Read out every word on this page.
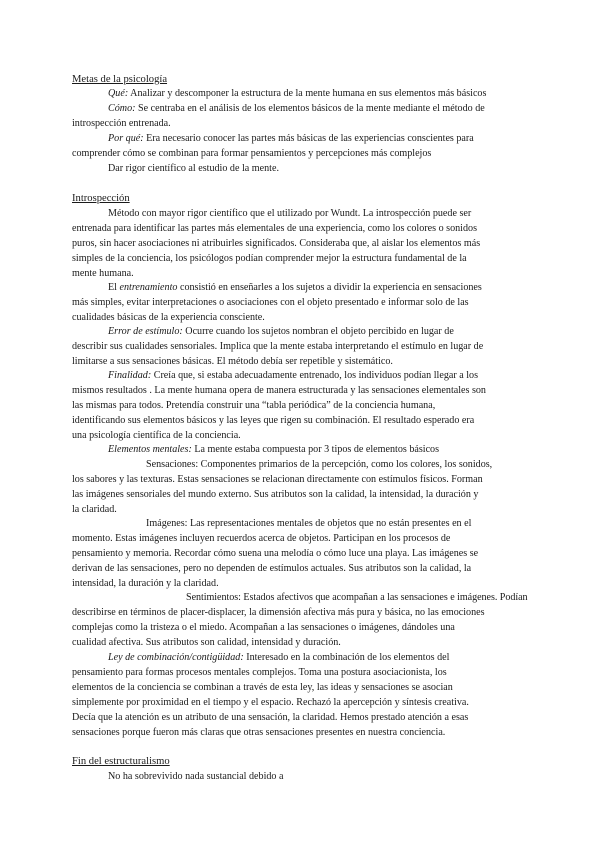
Metas de la psicología
Qué: Analizar y descomponer la estructura de la mente humana en sus elementos más básicos
Cómo: Se centraba en el análisis de los elementos básicos de la mente mediante el método de
introspección entrenada.
Por qué: Era necesario conocer las partes más básicas de las experiencias conscientes para
comprender cómo se combinan para formar pensamientos y percepciones más complejos
Dar rigor científico al estudio de la mente.
Introspección
Método con mayor rigor científico que el utilizado por Wundt. La introspección puede ser
entrenada para identificar las partes más elementales de una experiencia, como los colores o sonidos
puros, sin hacer asociaciones ni atribuirles significados. Consideraba que, al aislar los elementos más
simples de la conciencia, los psicólogos podían comprender mejor la estructura fundamental de la
mente humana.
El entrenamiento consistió en enseñarles a los sujetos a dividir la experiencia en sensaciones
más simples, evitar interpretaciones o asociaciones con el objeto presentado e informar solo de las
cualidades básicas de la experiencia consciente.
Error de estímulo: Ocurre cuando los sujetos nombran el objeto percibido en lugar de
describir sus cualidades sensoriales. Implica que la mente estaba interpretando el estímulo en lugar de
limitarse a sus sensaciones básicas. El método debía ser repetible y sistemático.
Finalidad: Creía que, si estaba adecuadamente entrenado, los individuos podían llegar a los
mismos resultados . La mente humana opera de manera estructurada y las sensaciones elementales son
las mismas para todos. Pretendía construir una “tabla periódica” de la conciencia humana,
identificando sus elementos básicos y las leyes que rigen su combinación. El resultado esperado era
una psicología científica de la conciencia.
Elementos mentales: La mente estaba compuesta por 3 tipos de elementos básicos
Sensaciones: Componentes primarios de la percepción, como los colores, los sonidos,
los sabores y las texturas. Estas sensaciones se relacionan directamente con estímulos físicos. Forman
las imágenes sensoriales del mundo externo. Sus atributos son la calidad, la intensidad, la duración y
la claridad.
Imágenes: Las representaciones mentales de objetos que no están presentes en el
momento. Estas imágenes incluyen recuerdos acerca de objetos. Participan en los procesos de
pensamiento y memoria. Recordar cómo suena una melodía o cómo luce una playa. Las imágenes se
derivan de las sensaciones, pero no dependen de estímulos actuales. Sus atributos son la calidad, la
intensidad, la duración y la claridad.
Sentimientos: Estados afectivos que acompañan a las sensaciones e imágenes. Podían
describirse en términos de placer-displacer, la dimensión afectiva más pura y básica, no las emociones
complejas como la tristeza o el miedo. Acompañan a las sensaciones o imágenes, dándoles una
cualidad afectiva. Sus atributos son calidad, intensidad y duración.
Ley de combinación/contigüidad: Interesado en la combinación de los elementos del
pensamiento para formas procesos mentales complejos. Toma una postura asociacionista, los
elementos de la conciencia se combinan a través de esta ley, las ideas y sensaciones se asocian
simplemente por proximidad en el tiempo y el espacio. Rechazó la apercepción y síntesis creativa.
Decía que la atención es un atributo de una sensación, la claridad. Hemos prestado atención a esas
sensaciones porque fueron más claras que otras sensaciones presentes en nuestra conciencia.
Fin del estructuralismo
No ha sobrevivido nada sustancial debido a
